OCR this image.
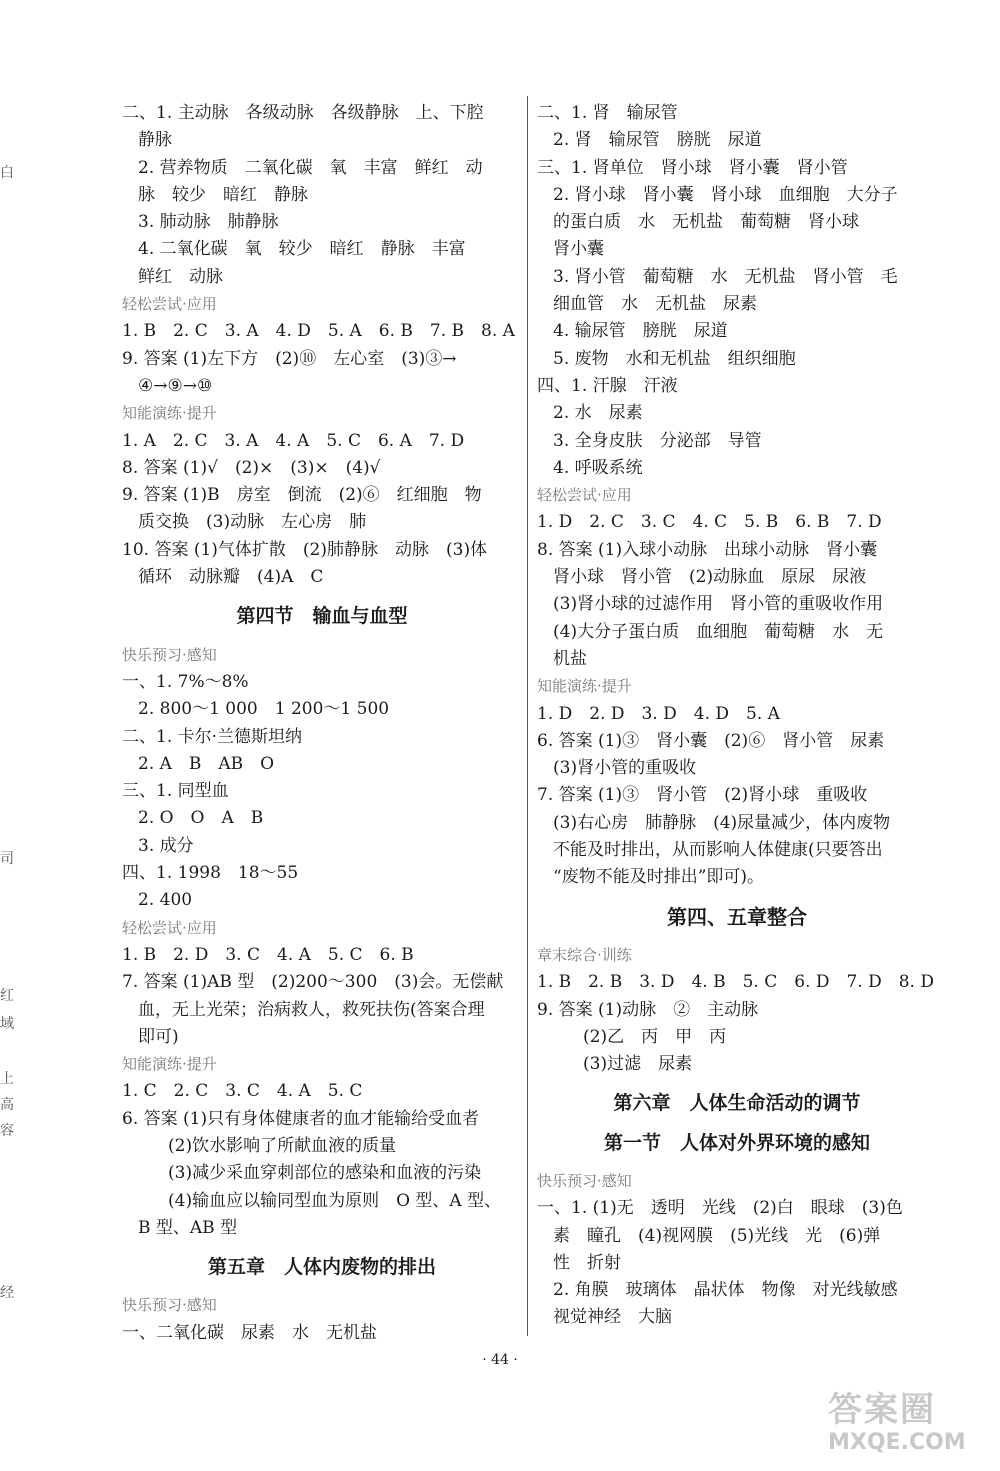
二、1. 主动脉　各级动脉　各级静脉　上、下腔
静脉
2. 营养物质　二氧化碳　氧　丰富　鲜红　动
脉　较少　暗红　静脉
3. 肺动脉　肺静脉
4. 二氧化碳　氧　较少　暗红　静脉　丰富
鲜红　动脉
轻松尝试·应用
1. B　2. C　3. A　4. D　5. A　6. B　7. B　8. A
9. 答案 (1)左下方　(2)⑩　左心室　(3)③→
④→⑨→⑩
知能演练·提升
1. A　2. C　3. A　4. A　5. C　6. A　7. D
8. 答案 (1)√　(2)×　(3)×　(4)√
9. 答案 (1)B　房室　倒流　(2)⑥　红细胞　物
质交换　(3)动脉　左心房　肺
10. 答案 (1)气体扩散　(2)肺静脉　动脉　(3)体
循环　动脉瓣　(4)A　C
第四节　输血与血型
快乐预习·感知
一、1. 7%～8%
2. 800～1 000　1 200～1 500
二、1. 卡尔·兰德斯坦纳
2. A　B　AB　O
三、1. 同型血
2. O　O　A　B
3. 成分
四、1. 1998　18～55
2. 400
轻松尝试·应用
1. B　2. D　3. C　4. A　5. C　6. B
7. 答案 (1)AB 型　(2)200～300　(3)会。无偿献
血，无上光荣；治病救人，救死扶伤(答案合理
即可)
知能演练·提升
1. C　2. C　3. C　4. A　5. C
6. 答案 (1)只有身体健康者的血才能输给受血者
(2)饮水影响了所献血液的质量
(3)减少采血穿刺部位的感染和血液的污染
(4)输血应以输同型血为原则　O 型、A 型、
B 型、AB 型
第五章　人体内废物的排出
快乐预习·感知
一、二氧化碳　尿素　水　无机盐
二、1. 肾　输尿管
2. 肾　输尿管　膀胱　尿道
三、1. 肾单位　肾小球　肾小囊　肾小管
2. 肾小球　肾小囊　肾小球　血细胞　大分子
的蛋白质　水　无机盐　葡萄糖　肾小球
肾小囊
3. 肾小管　葡萄糖　水　无机盐　肾小管　毛
细血管　水　无机盐　尿素
4. 输尿管　膀胱　尿道
5. 废物　水和无机盐　组织细胞
四、1. 汗腺　汗液
2. 水　尿素
3. 全身皮肤　分泌部　导管
4. 呼吸系统
轻松尝试·应用
1. D　2. C　3. C　4. C　5. B　6. B　7. D
8. 答案 (1)入球小动脉　出球小动脉　肾小囊
肾小球　肾小管　(2)动脉血　原尿　尿液
(3)肾小球的过滤作用　肾小管的重吸收作用
(4)大分子蛋白质　血细胞　葡萄糖　水　无
机盐
知能演练·提升
1. D　2. D　3. D　4. D　5. A
6. 答案 (1)③　肾小囊　(2)⑥　肾小管　尿素
(3)肾小管的重吸收
7. 答案 (1)③　肾小管　(2)肾小球　重吸收
(3)右心房　肺静脉　(4)尿量减少，体内废物
不能及时排出，从而影响人体健康(只要答出
“废物不能及时排出”即可)。
第四、五章整合
章末综合·训练
1. B　2. B　3. D　4. B　5. C　6. D　7. D　8. D
9. 答案 (1)动脉　②　主动脉
(2)乙　丙　甲　丙
(3)过滤　尿素
第六章　人体生命活动的调节
第一节　人体对外界环境的感知
快乐预习·感知
一、1. (1)无　透明　光线　(2)白　眼球　(3)色
素　瞳孔　(4)视网膜　(5)光线　光　(6)弹
性　折射
2. 角膜　玻璃体　晶状体　物像　对光线敏感
视觉神经　大脑
白
司
红
域
上
高
容
经
· 44 ·
答案圈
MXQE.COM
